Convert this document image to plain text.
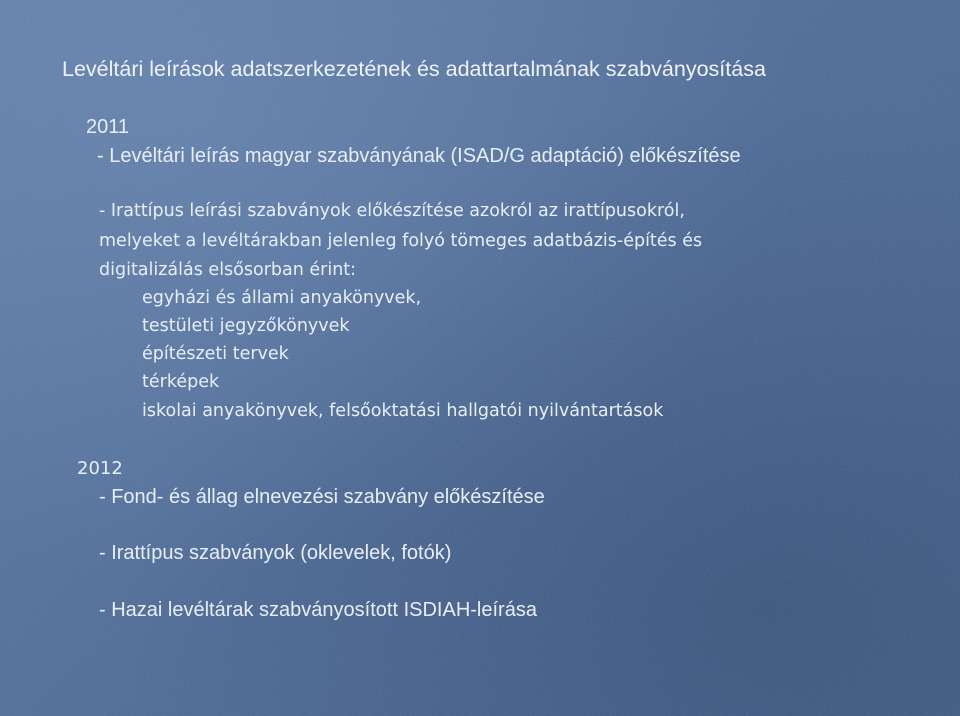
Levéltári leírások adatszerkezetének és adattartalmának szabványosítása
2011
- Levéltári leírás magyar szabványának (ISAD/G adaptáció) előkészítése
- Irattípus leírási szabványok előkészítése azokról az irattípusokról,
melyeket a levéltárakban jelenleg folyó tömeges adatbázis-építés és
digitalizálás elsősorban érint:
egyházi és állami anyakönyvek,
testületi jegyzőkönyvek
építészeti tervek
térképek
iskolai anyakönyvek, felsőoktatási hallgatói nyilvántartások
2012
- Fond- és állag elnevezési szabvány előkészítése
- Irattípus szabványok (oklevelek, fotók)
- Hazai levéltárak szabványosított ISDIAH-leírása
